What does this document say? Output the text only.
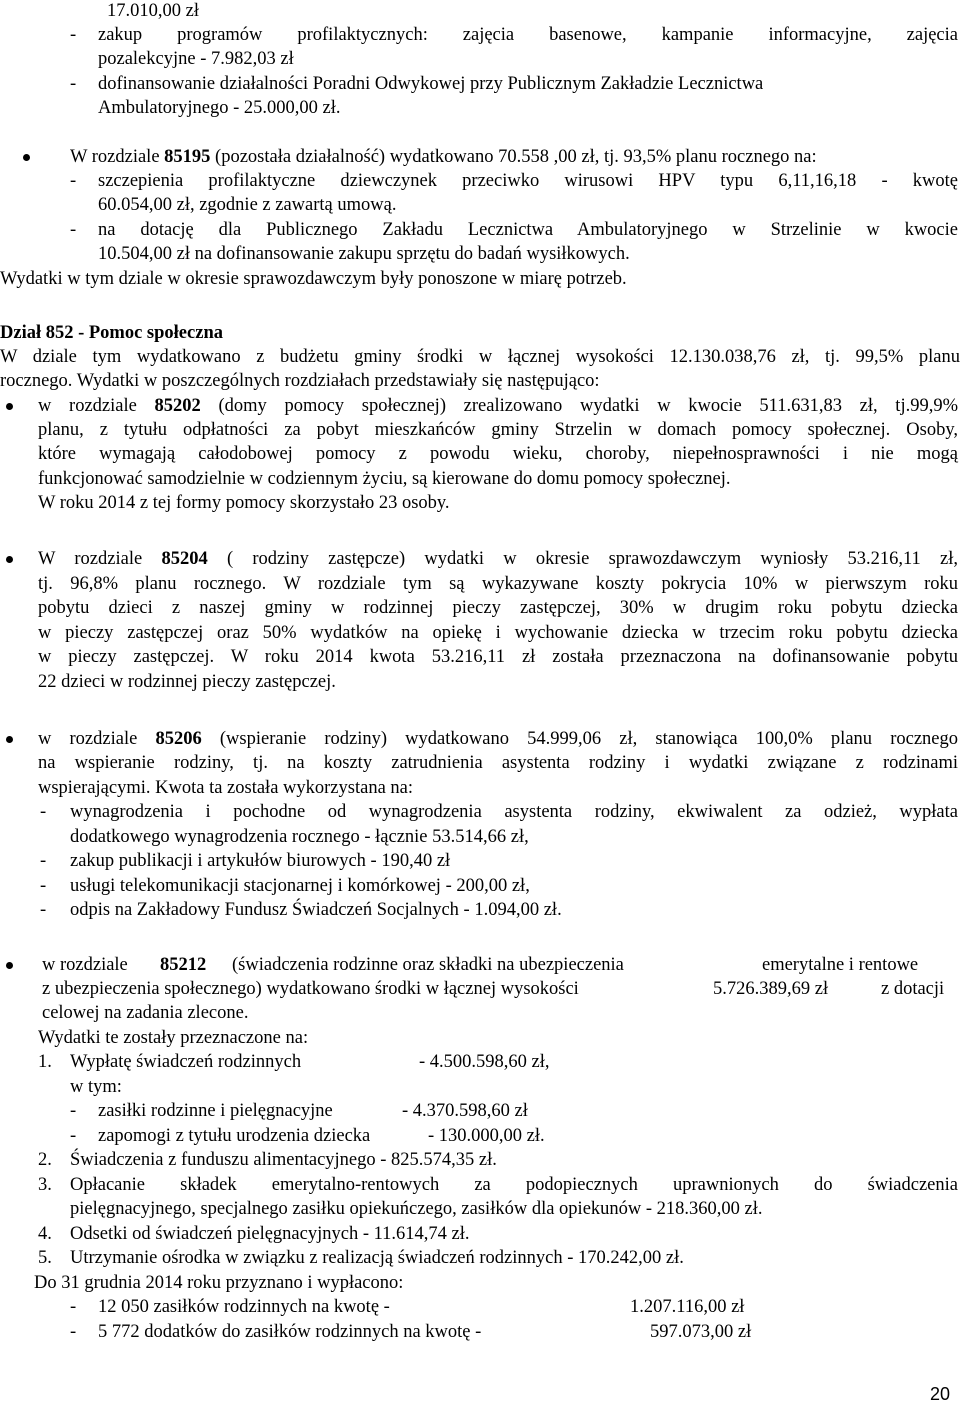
17.010,00 zł
- zakup programów profilaktycznych: zajęcia basenowe, kampanie informacyjne, zajęcia
pozalekcyjne - 7.982,03 zł
- dofinansowanie działalności Poradni Odwykowej przy Publicznym Zakładzie Lecznictwa
Ambulatoryjnego - 25.000,00 zł.
W rozdziale 85195 (pozostała działalność) wydatkowano 70.558 ,00 zł, tj. 93,5% planu rocznego na:
- szczepienia profilaktyczne dziewczynek przeciwko wirusowi HPV typu 6,11,16,18 - kwotę
60.054,00 zł, zgodnie z zawartą umową.
- na dotację dla Publicznego Zakładu Lecznictwa Ambulatoryjnego w Strzelinie w kwocie
10.504,00 zł na dofinansowanie zakupu sprzętu do badań wysiłkowych.
Wydatki w tym dziale w okresie sprawozdawczym były ponoszone w miarę potrzeb.
Dział 852 - Pomoc społeczna
W dziale tym wydatkowano z budżetu gminy środki w łącznej wysokości 12.130.038,76 zł, tj. 99,5% planu
rocznego. Wydatki w poszczególnych rozdziałach przedstawiały się następująco:
w rozdziale 85202 (domy pomocy społecznej) zrealizowano wydatki w kwocie 511.631,83 zł, tj.99,9%
planu, z tytułu odpłatności za pobyt mieszkańców gminy Strzelin w domach pomocy społecznej. Osoby,
które wymagają całodobowej pomocy z powodu wieku, choroby, niepełnosprawności i nie mogą
funkcjonować samodzielnie w codziennym życiu, są kierowane do domu pomocy społecznej.
W roku 2014 z tej formy pomocy skorzystało 23 osoby.
W rozdziale 85204 ( rodziny zastępcze) wydatki w okresie sprawozdawczym wyniosły 53.216,11 zł,
tj. 96,8% planu rocznego. W rozdziale tym są wykazywane koszty pokrycia 10% w pierwszym roku
pobytu dzieci z naszej gminy w rodzinnej pieczy zastępczej, 30% w drugim roku pobytu dziecka
w pieczy zastępczej oraz 50% wydatków na opiekę i wychowanie dziecka w trzecim roku pobytu dziecka
w pieczy zastępczej. W roku 2014 kwota 53.216,11 zł została przeznaczona na dofinansowanie pobytu
22 dzieci w rodzinnej pieczy zastępczej.
w rozdziale 85206 (wspieranie rodziny) wydatkowano 54.999,06 zł, stanowiąca 100,0% planu rocznego
na wspieranie rodziny, tj. na koszty zatrudnienia asystenta rodziny i wydatki związane z rodzinami
wspierającymi. Kwota ta została wykorzystana na:
- wynagrodzenia i pochodne od wynagrodzenia asystenta rodziny, ekwiwalent za odzież, wypłata
dodatkowego wynagrodzenia rocznego - łącznie 53.514,66 zł,
- zakup publikacji i artykułów biurowych - 190,40 zł
- usługi telekomunikacji stacjonarnej i komórkowej - 200,00 zł,
- odpis na Zakładowy Fundusz Świadczeń Socjalnych - 1.094,00 zł.
w rozdziale 85212 (świadczenia rodzinne oraz składki na ubezpieczenia	emerytalne i rentowe
z ubezpieczenia społecznego) wydatkowano środki w łącznej wysokości	5.726.389,69 zł	z dotacji
celowej na zadania zlecone.
Wydatki te zostały przeznaczone na:
1. Wypłatę świadczeń rodzinnych	- 4.500.598,60 zł,
w tym:
- zasiłki rodzinne i pielęgnacyjne	- 4.370.598,60 zł
- zapomogi z tytułu urodzenia dziecka	- 130.000,00 zł.
2. Świadczenia z funduszu alimentacyjnego - 825.574,35 zł.
3. Opłacanie składek emerytalno-rentowych za podopiecznych uprawnionych do świadczenia
pielęgnacyjnego, specjalnego zasiłku opiekuńczego, zasiłków dla opiekunów - 218.360,00 zł.
4. Odsetki od świadczeń pielęgnacyjnych - 11.614,74 zł.
5. Utrzymanie ośrodka w związku z realizacją świadczeń rodzinnych - 170.242,00 zł.
Do 31 grudnia 2014 roku przyznano i wypłacono:
- 12 050 zasiłków rodzinnych na kwotę -	1.207.116,00 zł
- 5 772 dodatków do zasiłków rodzinnych na kwotę -	597.073,00 zł
20
